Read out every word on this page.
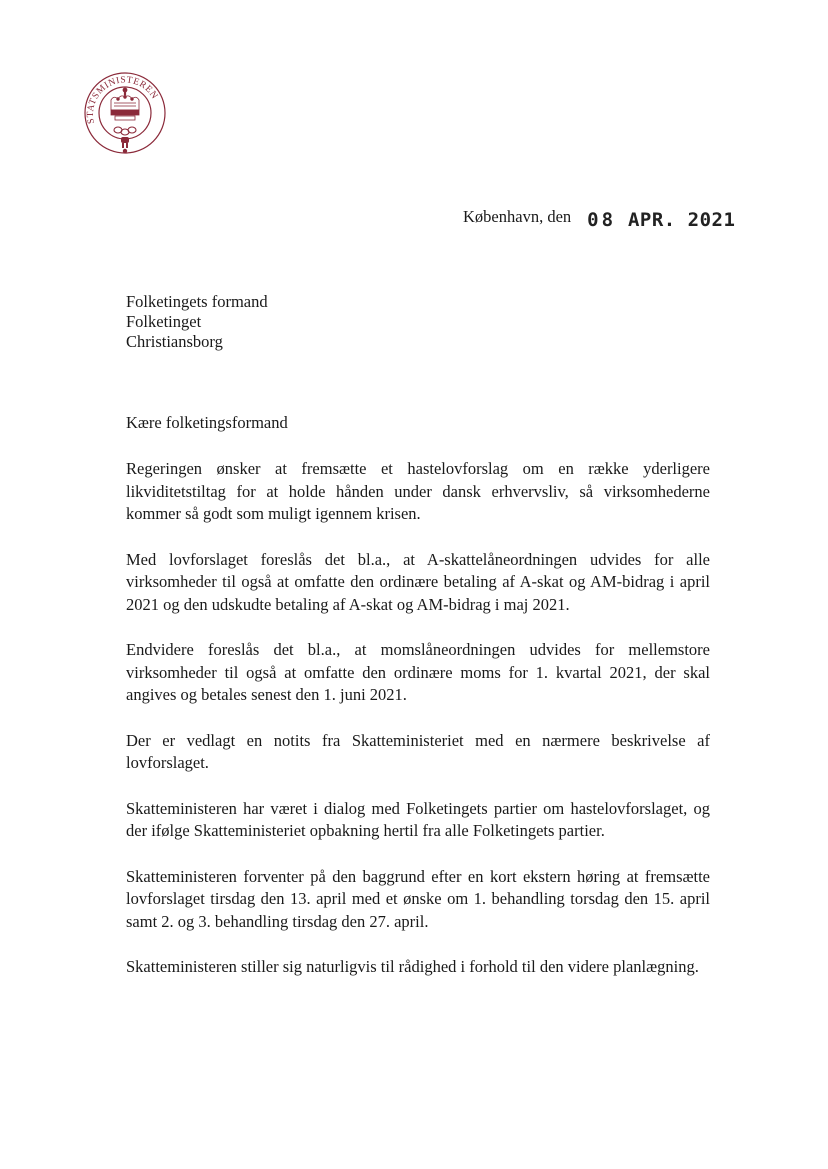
STATSMINISTEREN
København, den 08 APR. 2021
Folketingets formand
Folketinget
Christiansborg
Kære folketingsformand

Regeringen ønsker at fremsætte et hastelovforslag om en række yderligere likviditetstiltag for at holde hånden under dansk erhvervsliv, så virksomhederne kommer så godt som muligt igennem krisen.

Med lovforslaget foreslås det bl.a., at A-skattelåneordningen udvides for alle virksomheder til også at omfatte den ordinære betaling af A-skat og AM-bidrag i april 2021 og den udskudte betaling af A-skat og AM-bidrag i maj 2021.

Endvidere foreslås det bl.a., at momslåneordningen udvides for mellemstore virksomheder til også at omfatte den ordinære moms for 1. kvartal 2021, der skal angives og betales senest den 1. juni 2021.

Der er vedlagt en notits fra Skatteministeriet med en nærmere beskrivelse af lovforslaget.

Skatteministeren har været i dialog med Folketingets partier om hastelovforslaget, og der ifølge Skatteministeriet opbakning hertil fra alle Folketingets partier.

Skatteministeren forventer på den baggrund efter en kort ekstern høring at fremsætte lovforslaget tirsdag den 13. april med et ønske om 1. behandling torsdag den 15. april samt 2. og 3. behandling tirsdag den 27. april.

Skatteministeren stiller sig naturligvis til rådighed i forhold til den videre planlægning.
